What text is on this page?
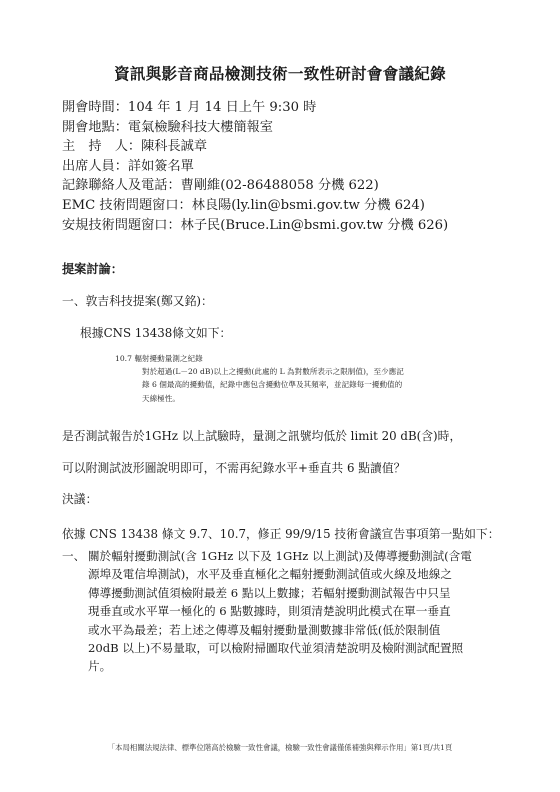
資訊與影音商品檢測技術一致性研討會會議紀錄
開會時間：104 年 1 月 14 日上午 9:30 時
開會地點：電氣檢驗科技大樓簡報室
主　持　人：陳科長誠章
出席人員：詳如簽名單
記錄聯絡人及電話：曹剛維(02-86488058 分機 622)
EMC 技術問題窗口：林良陽(ly.lin@bsmi.gov.tw 分機 624)
安規技術問題窗口：林子民(Bruce.Lin@bsmi.gov.tw 分機 626)
提案討論：
一、敦吉科技提案(鄭又銘)：
根據CNS 13438條文如下：

10.7 輻射擾動量測之紀錄

對於超過(L－20 dB)以上之擾動(此處的 L 為對數所表示之限制值)，至少應記

錄 6 個最高的擾動值，紀錄中應包含擾動位準及其頻率，並記錄每一擾動值的

天線極性。

是否測試報告於1GHz 以上試驗時，量測之訊號均低於 limit 20 dB(含)時，
可以附測試波形圖說明即可，不需再紀錄水平+垂直共 6 點讀值？
決議：
依據 CNS 13438 條文 9.7、10.7，修正 99/9/15 技術會議宣告事項第一點如下：
一、 關於輻射擾動測試(含 1GHz 以下及 1GHz 以上測試)及傳導擾動測試(含電
源埠及電信埠測試)，水平及垂直極化之輻射擾動測試值或火線及地線之
傳導擾動測試值須檢附最差 6 點以上數據；若輻射擾動測試報告中只呈
現垂直或水平單一極化的 6 點數據時，則須清楚說明此模式在單一垂直
或水平為最差；若上述之傳導及輻射擾動量測數據非常低(低於限制值
20dB 以上)不易量取，可以檢附掃圖取代並須清楚說明及檢附測試配置照
片。
「本局相關法規法律、標準位階高於檢驗一致性會議，檢驗一致性會議僅係補強與釋示作用」第1頁/共1頁
